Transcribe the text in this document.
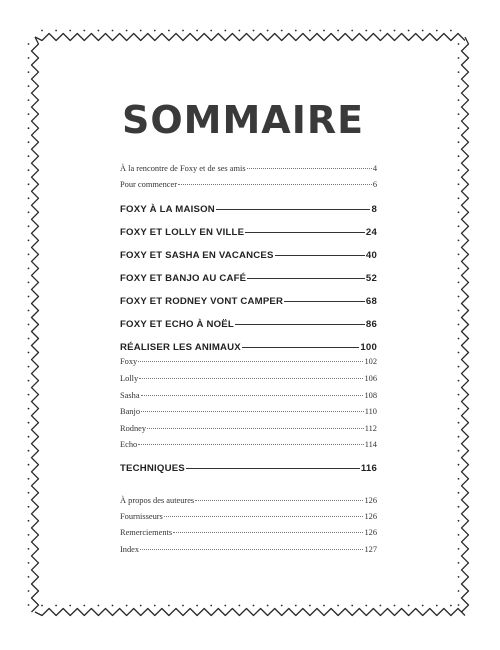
SOMMAIRE
À la rencontre de Foxy et de ses amis	4
Pour commencer	6
FOXY À LA MAISON	8
FOXY ET LOLLY EN VILLE	24
FOXY ET SASHA EN VACANCES	40
FOXY ET BANJO AU CAFÉ	52
FOXY ET RODNEY VONT CAMPER	68
FOXY ET ECHO À NOËL	86
RÉALISER LES ANIMAUX	100
Foxy	102
Lolly	106
Sasha	108
Banjo	110
Rodney	112
Echo	114
TECHNIQUES	116
À propos des auteures	126
Fournisseurs	126
Remerciements	126
Index	127
